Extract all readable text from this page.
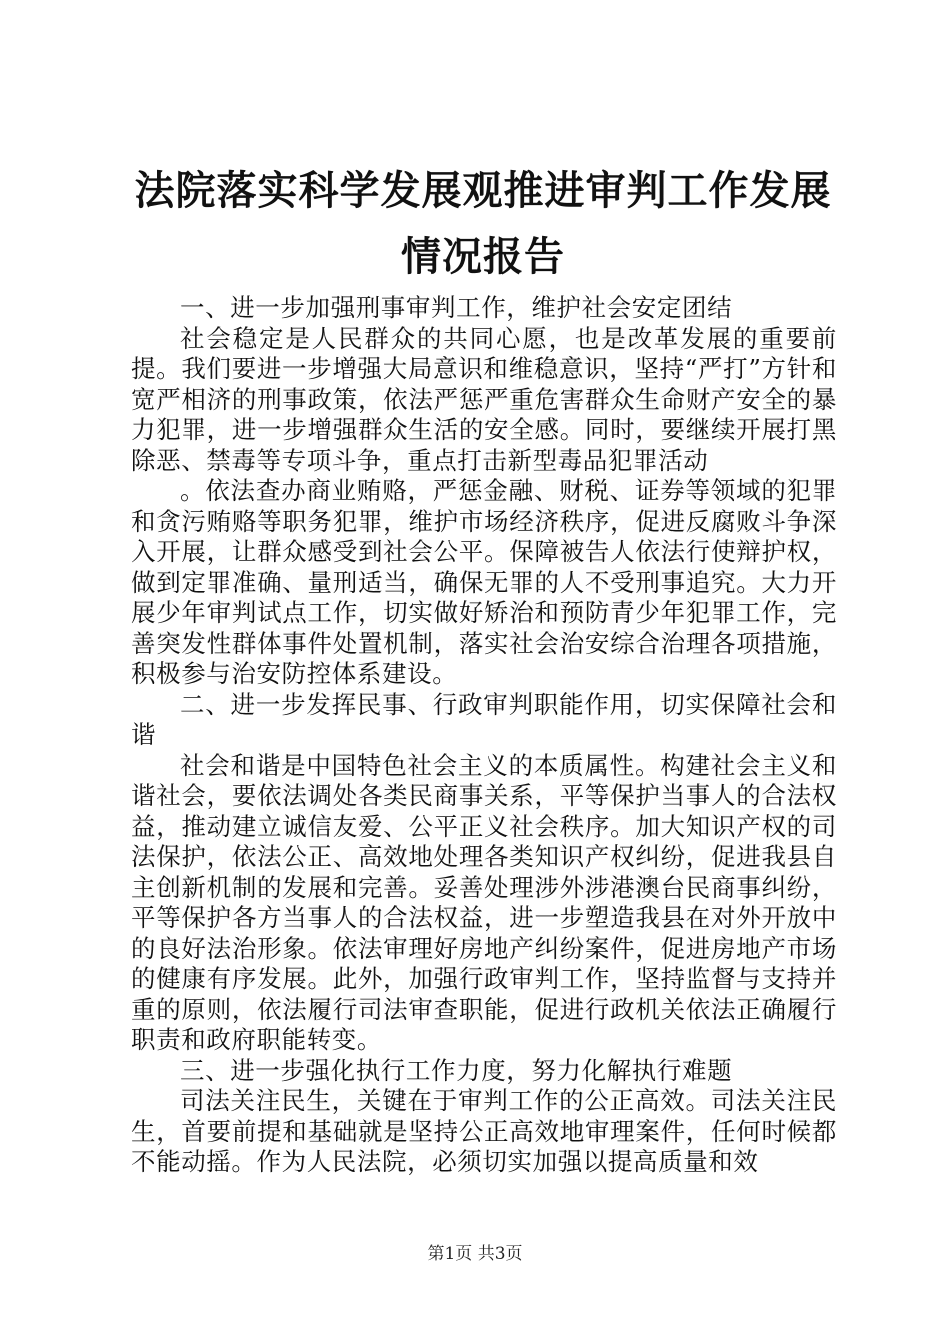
法院落实科学发展观推进审判工作发展情况报告

一、进一步加强刑事审判工作，维护社会安定团结

社会稳定是人民群众的共同心愿，也是改革发展的重要前提。我们要进一步增强大局意识和维稳意识，坚持“严打”方针和宽严相济的刑事政策，依法严惩严重危害群众生命财产安全的暴力犯罪，进一步增强群众生活的安全感。同时，要继续开展打黑除恶、禁毒等专项斗争，重点打击新型毒品犯罪活动

。依法查办商业贿赂，严惩金融、财税、证券等领域的犯罪和贪污贿赂等职务犯罪，维护市场经济秩序，促进反腐败斗争深入开展，让群众感受到社会公平。保障被告人依法行使辩护权，做到定罪准确、量刑适当，确保无罪的人不受刑事追究。大力开展少年审判试点工作，切实做好矫治和预防青少年犯罪工作，完善突发性群体事件处置机制，落实社会治安综合治理各项措施，积极参与治安防控体系建设。

二、进一步发挥民事、行政审判职能作用，切实保障社会和谐

社会和谐是中国特色社会主义的本质属性。构建社会主义和谐社会，要依法调处各类民商事关系，平等保护当事人的合法权益，推动建立诚信友爱、公平正义社会秩序。加大知识产权的司法保护，依法公正、高效地处理各类知识产权纠纷，促进我县自主创新机制的发展和完善。妥善处理涉外涉港澳台民商事纠纷，平等保护各方当事人的合法权益，进一步塑造我县在对外开放中的良好法治形象。依法审理好房地产纠纷案件，促进房地产市场的健康有序发展。此外，加强行政审判工作，坚持监督与支持并重的原则，依法履行司法审查职能，促进行政机关依法正确履行职责和政府职能转变。

三、进一步强化执行工作力度，努力化解执行难题

司法关注民生，关键在于审判工作的公正高效。司法关注民生，首要前提和基础就是坚持公正高效地审理案件，任何时候都不能动摇。作为人民法院，必须切实加强以提高质量和效

第1页 共3页
